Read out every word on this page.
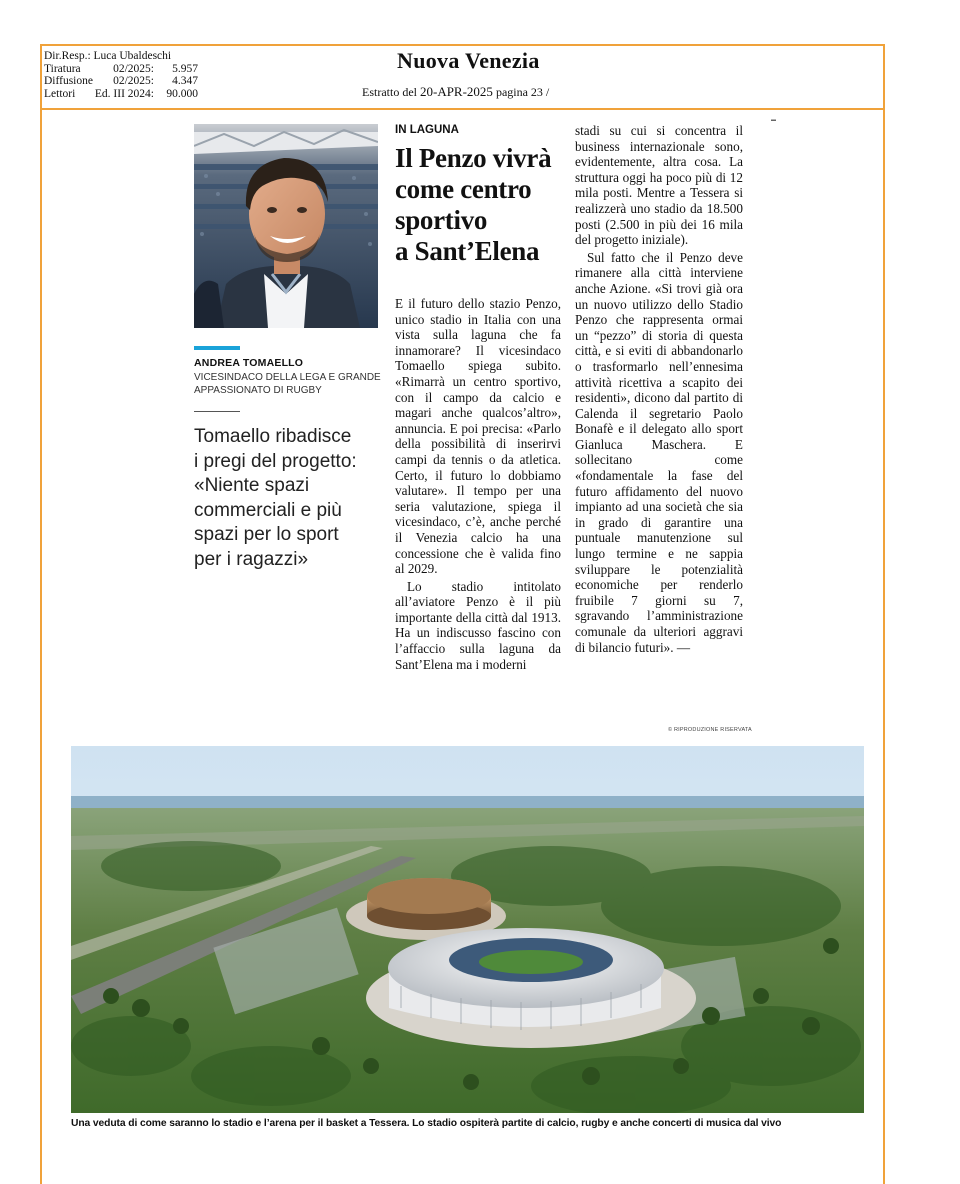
Dir.Resp.:
Luca Ubaldeschi
Tiratura	02/2025:	5.957
Diffusione	02/2025:	4.347
Lettori	Ed. III 2024:	90.000
Nuova Venezia
Estratto del 20-APR-2025 pagina 23 /
▬
ANDREA TOMAELLO
VICESINDACO DELLA LEGA E GRANDE APPASSIONATO DI RUGBY
Tomaello ribadisce
i pregi del progetto:
«Niente spazi
commerciali e più
spazi per lo sport
per i ragazzi»
IN LAGUNA
Il Penzo vivrà
come centro
sportivo
a Sant’Elena

E il futuro dello stazio Penzo, unico stadio in Italia con una vista sulla laguna che fa innamorare? Il vicesindaco Tomaello spiega subito. «Rimarrà un centro sportivo, con il campo da calcio e magari anche qualcos’altro», annuncia. E poi precisa: «Parlo della possibilità di inserirvi campi da tennis o da atletica. Certo, il futuro lo dobbiamo valutare». Il tempo per una seria valutazione, spiega il vicesindaco, c’è, anche perché il Venezia calcio ha una concessione che è valida fino al 2029.

Lo stadio intitolato all’aviatore Penzo è il più importante della città dal 1913. Ha un indiscusso fascino con l’affaccio sulla laguna da Sant’Elena ma i moderni

stadi su cui si concentra il business internazionale sono, evidentemente, altra cosa. La struttura oggi ha poco più di 12 mila posti. Mentre a Tessera si realizzerà uno stadio da 18.500 posti (2.500 in più dei 16 mila del progetto iniziale).

Sul fatto che il Penzo deve rimanere alla città interviene anche Azione. «Si trovi già ora un nuovo utilizzo dello Stadio Penzo che rappresenta ormai un “pezzo” di storia di questa città, e si eviti di abbandonarlo o trasformarlo nell’ennesima attività ricettiva a scapito dei residenti», dicono dal partito di Calenda il segretario Paolo Bonafè e il delegato allo sport Gianluca Maschera. E sollecitano come «fondamentale la fase del futuro affidamento del nuovo impianto ad una società che sia in grado di garantire una puntuale manutenzione sul lungo termine e ne sappia sviluppare le potenzialità economiche per renderlo fruibile 7 giorni su 7, sgravando l’amministrazione comunale da ulteriori aggravi di bilancio futuri». —

© RIPRODUZIONE RISERVATA
Una veduta di come saranno lo stadio e l’arena per il basket a Tessera. Lo stadio ospiterà partite di calcio, rugby e anche concerti di musica dal vivo
